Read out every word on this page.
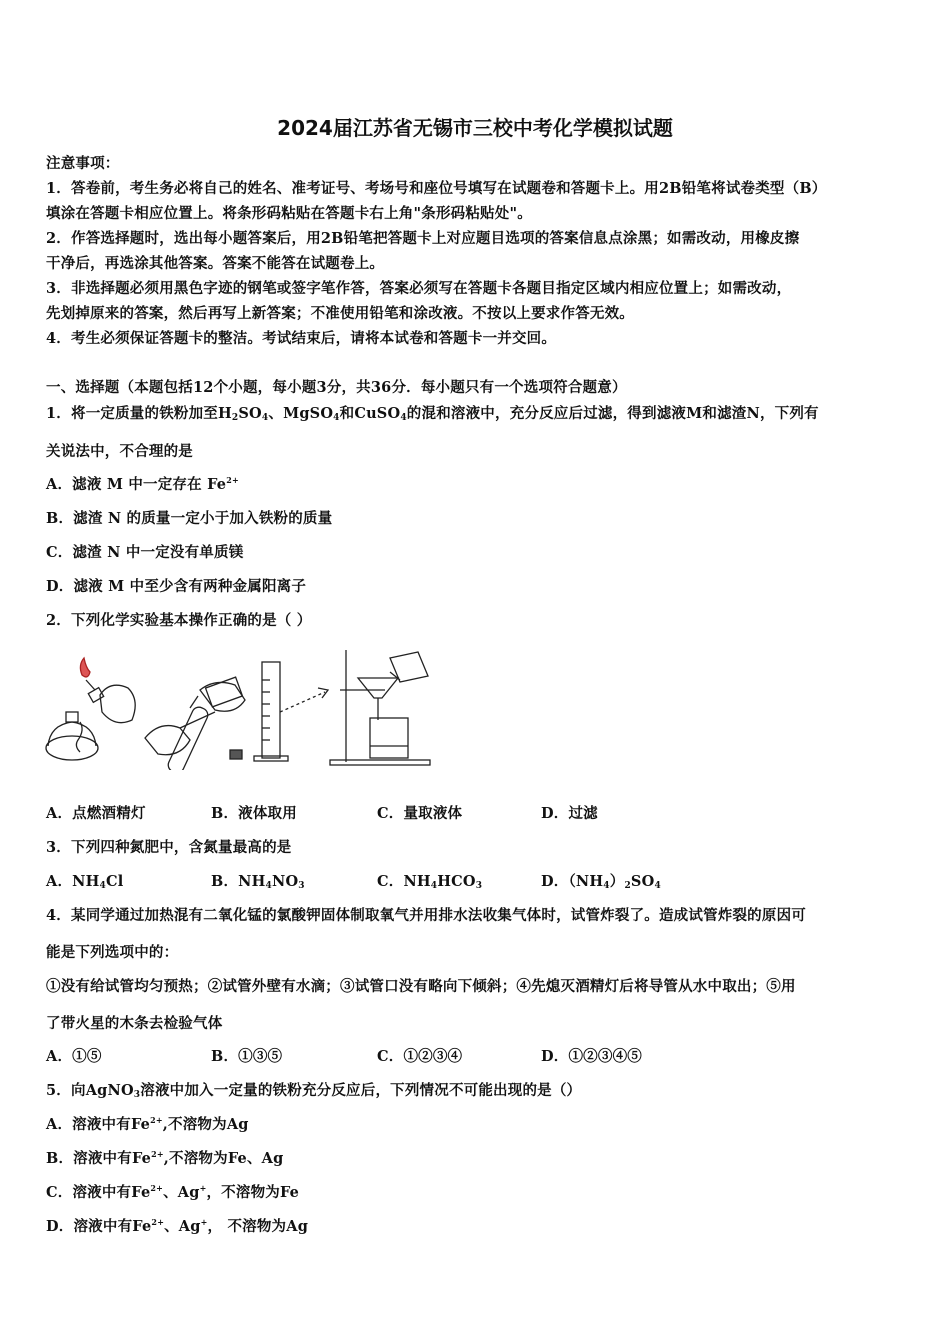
2024届江苏省无锡市三校中考化学模拟试题
注意事项：
1．答卷前，考生务必将自己的姓名、准考证号、考场号和座位号填写在试题卷和答题卡上。用2B铅笔将试卷类型（B）
填涂在答题卡相应位置上。将条形码粘贴在答题卡右上角"条形码粘贴处"。
2．作答选择题时，选出每小题答案后，用2B铅笔把答题卡上对应题目选项的答案信息点涂黑；如需改动，用橡皮擦
干净后，再选涂其他答案。答案不能答在试题卷上。
3．非选择题必须用黑色字迹的钢笔或签字笔作答，答案必须写在答题卡各题目指定区域内相应位置上；如需改动，
先划掉原来的答案，然后再写上新答案；不准使用铅笔和涂改液。不按以上要求作答无效。
4．考生必须保证答题卡的整洁。考试结束后，请将本试卷和答题卡一并交回。
一、选择题（本题包括12个小题，每小题3分，共36分．每小题只有一个选项符合题意）
1．将一定质量的铁粉加至$H_2SO_4$、MgSO$_4$和CuSO$_4$的混和溶液中，充分反应后过滤，得到滤液M和滤渣N，下列有
关说法中，不合理的是
A．滤液 M 中一定存在 $Fe^{2+}$
B．滤渣 N 的质量一定小于加入铁粉的质量
C．滤渣 N 中一定没有单质镁
D．滤液 M 中至少含有两种金属阳离子
2．下列化学实验基本操作正确的是（ ）
A．点燃酒精灯	B．液体取用	C．量取液体	D．过滤
3．下列四种氮肥中，含氮量最高的是
A．$NH_4Cl$	B．$NH_4NO_3$	C．$NH_4HCO_3$	D．$(NH_4)_2SO_4$
4．某同学通过加热混有二氧化锰的氯酸钾固体制取氧气并用排水法收集气体时，试管炸裂了。造成试管炸裂的原因可
能是下列选项中的：
①没有给试管均匀预热；②试管外壁有水滴；③试管口没有略向下倾斜；④先熄灭酒精灯后将导管从水中取出；⑤用
了带火星的木条去检验气体
A．①⑤	B．①③⑤	C．①②③④	D．①②③④⑤
5．向AgNO$_3$溶液中加入一定量的铁粉充分反应后，下列情况不可能出现的是（）
A．溶液中有$Fe^{2+}$,不溶物为Ag
B．溶液中有$Fe^{2+}$,不溶物为Fe、Ag
C．溶液中有$Fe^{2+}$、Ag+，不溶物为Fe
D．溶液中有$Fe^{2+}$、Ag+， 不溶物为Ag
